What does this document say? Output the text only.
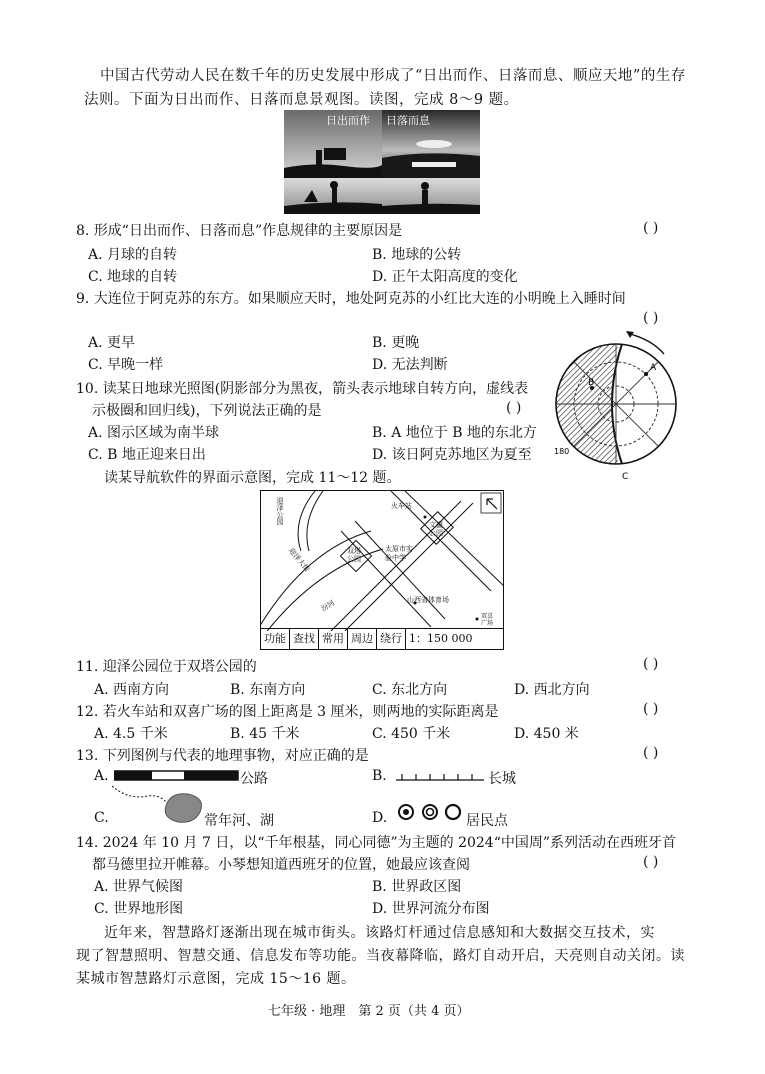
中国古代劳动人民在数千年的历史发展中形成了“日出而作、日落而息、顺应天地”的生存
法则。下面为日出而作、日落而息景观图。读图，完成 8～9 题。
日出而作 日落而息
8. 形成“日出而作、日落而息”作息规律的主要原因是	( )
A. 月球的自转	B. 地球的公转
C. 地球的自转	D. 正午太阳高度的变化
9. 大连位于阿克苏的东方。如果顺应天时，地处阿克苏的小红比大连的小明晚上入睡时间
( )
A. 更早	B. 更晚
C. 早晚一样	D. 无法判断
10. 读某日地球光照图(阴影部分为黑夜，箭头表示地球自转方向，虚线表
示极圈和回归线)，下列说法正确的是	( )
A. 图示区域为南半球	B. A 地位于 B 地的东北方
C. B 地正迎来日出	D. 该日阿克苏地区为夏至
A
B
C
180
读某导航软件的界面示意图，完成 11～12 题。
迎泽公园
双塔公园
文瀛公园
火车站
太原市实验中学
山西省体育场
双喜广场
迎泽大街
汾河
功能 查找 常用 周边 绕行 1：150 000
11. 迎泽公园位于双塔公园的	( )
A. 西南方向	B. 东南方向	C. 东北方向	D. 西北方向
12. 若火车站和双喜广场的图上距离是 3 厘米，则两地的实际距离是	( )
A. 4.5 千米	B. 45 千米	C. 450 千米	D. 450 米
13. 下列图例与代表的地理事物，对应正确的是	( )
A.	公路	B.	长城
C.	常年河、湖	D.	居民点
14. 2024 年 10 月 7 日，以“千年根基，同心同德”为主题的 2024“中国周”系列活动在西班牙首
都马德里拉开帷幕。小琴想知道西班牙的位置，她最应该查阅	( )
A. 世界气候图	B. 世界政区图
C. 世界地形图	D. 世界河流分布图
近年来，智慧路灯逐渐出现在城市街头。该路灯杆通过信息感知和大数据交互技术，实
现了智慧照明、智慧交通、信息发布等功能。当夜幕降临，路灯自动开启，天亮则自动关闭。读
某城市智慧路灯示意图，完成 15～16 题。
七年级 · 地理　第 2 页（共 4 页）
